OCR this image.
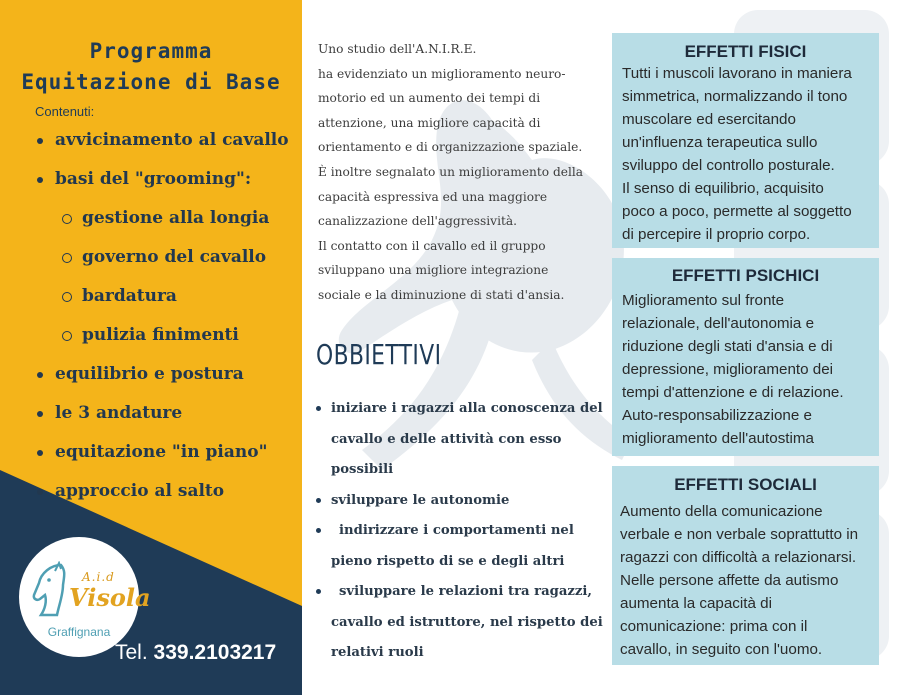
Programma
Equitazione di Base
Contenuti:
avvicinamento al cavallo
basi del "grooming":
gestione alla longia
governo del cavallo
bardatura
pulizia finimenti
equilibrio e postura
le 3 andature
equitazione "in piano"
approccio al salto
A.i.d
Visola
Graffignana
Tel. 339.2103217

Uno studio dell'A.N.I.R.E.

ha evidenziato un miglioramento neuro-

motorio ed un aumento dei tempi di

attenzione, una migliore capacità di

orientamento e di organizzazione spaziale.

È inoltre segnalato un miglioramento della

capacità espressiva ed una maggiore

canalizzazione dell'aggressività.

Il contatto con il cavallo ed il gruppo

sviluppano una migliore integrazione

sociale e la diminuzione di stati d'ansia.

OBBIETTIVI
iniziare i ragazzi alla conoscenza del
cavallo e delle attività con esso
possibili
sviluppare le autonomie
indirizzare i comportamenti nel
pieno rispetto di se e degli altri
sviluppare le relazioni tra ragazzi,
cavallo ed istruttore, nel rispetto dei
relativi ruoli
EFFETTI FISICI

Tutti i muscoli lavorano in maniera

simmetrica, normalizzando il tono

muscolare ed esercitando

un'influenza terapeutica sullo

sviluppo del controllo posturale.

Il senso di equilibrio, acquisito

poco a poco, permette al soggetto

di percepire il proprio corpo.

EFFETTI PSICHICI

Miglioramento sul fronte

relazionale, dell'autonomia e

riduzione degli stati d'ansia e di

depressione, miglioramento dei

tempi d'attenzione e di relazione.

Auto-responsabilizzazione e

miglioramento dell'autostima

EFFETTI SOCIALI

Aumento della comunicazione

verbale e non verbale soprattutto in

ragazzi con difficoltà a relazionarsi.

Nelle persone affette da autismo

aumenta la capacità di

comunicazione: prima con il

cavallo, in seguito con l'uomo.
